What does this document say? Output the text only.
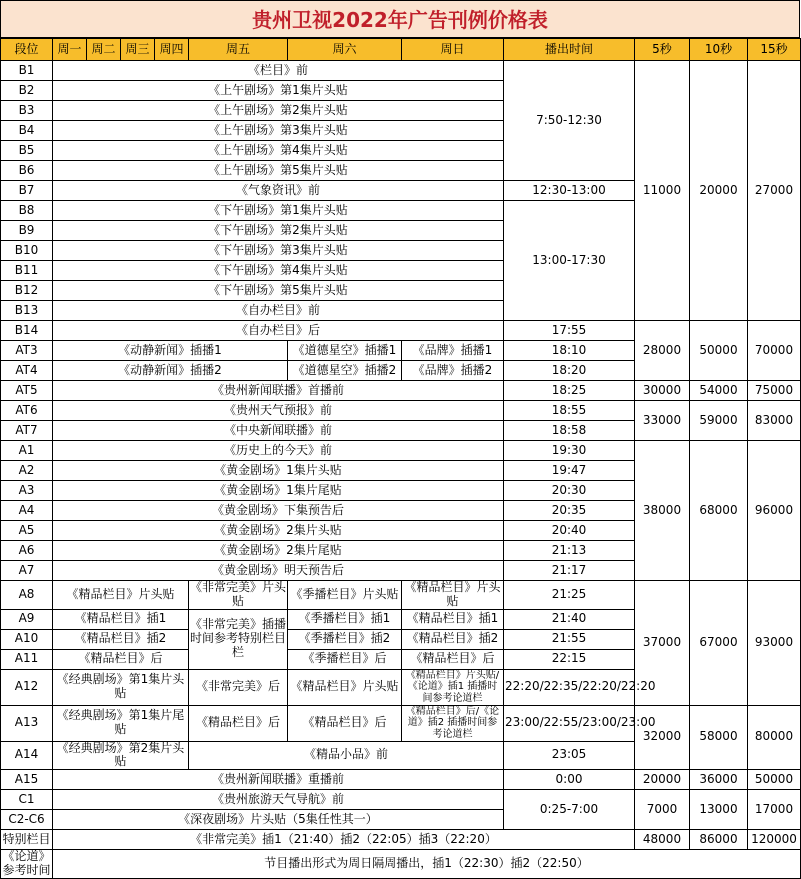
贵州卫视2022年广告刊例价格表
段位	周一	周二	周三	周四	周五	周六	周日	播出时间	5秒	10秒	15秒
B1	《栏目》前							7:50-12:30	11000	20000	27000
B2	《上午剧场》第1集片头贴										
B3	《上午剧场》第2集片头贴										
B4	《上午剧场》第3集片头贴										
B5	《上午剧场》第4集片头贴										
B6	《上午剧场》第5集片头贴										
B7	《气象资讯》前							12:30-13:00			
B8	《下午剧场》第1集片头贴							13:00-17:30			
B9	《下午剧场》第2集片头贴										
B10	《下午剧场》第3集片头贴										
B11	《下午剧场》第4集片头贴										
B12	《下午剧场》第5集片头贴										
B13	《自办栏目》前										
B14	《自办栏目》后							17:55	28000	50000	70000
AT3	《动静新闻》插播1					《道德星空》插播1	《品牌》插播1	18:10			
AT4	《动静新闻》插播2					《道德星空》插播2	《品牌》插播2	18:20			
AT5	《贵州新闻联播》首播前							18:25	30000	54000	75000
AT6	《贵州天气预报》前							18:55	33000	59000	83000
AT7	《中央新闻联播》前							18:58			
A1	《历史上的今天》前							19:30	38000	68000	96000
A2	《黄金剧场》1集片头贴							19:47			
A3	《黄金剧场》1集片尾贴							20:30			
A4	《黄金剧场》下集预告后							20:35			
A5	《黄金剧场》2集片头贴							20:40			
A6	《黄金剧场》2集片尾贴							21:13			
A7	《黄金剧场》明天预告后							21:17			
A8	《精品栏目》片头贴				《非常完美》片头贴	《季播栏目》片头贴	《精品栏目》片头贴	21:25	37000	67000	93000
A9	《精品栏目》插1				《非常完美》插播时间参考特别栏目栏	《季播栏目》插1	《精品栏目》插1	21:40			
A10	《精品栏目》插2					《季播栏目》插2	《精品栏目》插2	21:55			
A11	《精品栏目》后					《季播栏目》后	《精品栏目》后	22:15			
A12	《经典剧场》第1集片头贴				《非常完美》后	《精品栏目》片头贴	《精品栏目》片头贴/《论道》插1 插播时间参考论道栏	22:20/22:35/22:20/22:20			
A13	《经典剧场》第1集片尾贴				《精品栏目》后	《精品栏目》后	《精品栏目》后/《论道》插2 插播时间参考论道栏	23:00/22:55/23:00/23:00	32000	58000	80000
A14	《经典剧场》第2集片头贴				《精品小品》前			23:05			
A15	《贵州新闻联播》重播前							0:00	20000	36000	50000
C1	《贵州旅游天气导航》前							0:25-7:00	7000	13000	17000
C2-C6	《深夜剧场》片头贴（5集任性其一）										
特别栏目	《非常完美》插1（21:40）插2（22:05）插3（22:20）								48000	86000	120000
《论道》参考时间	节目播出形式为周日隔周播出，插1（22:30）插2（22:50）										
